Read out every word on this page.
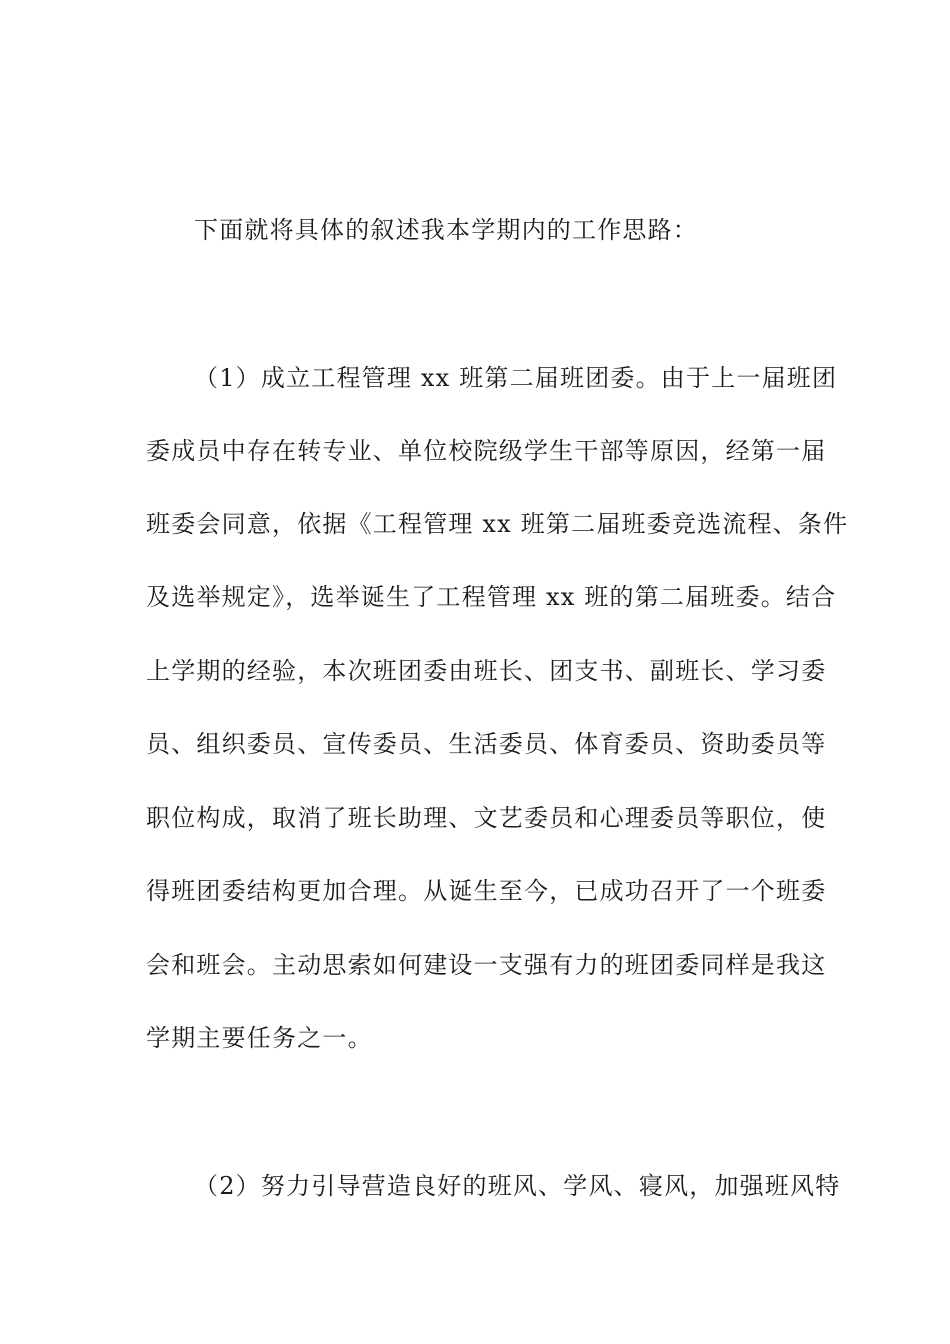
下面就将具体的叙述我本学期内的工作思路：
（1）成立工程管理 xx 班第二届班团委。由于上一届班团
委成员中存在转专业、单位校院级学生干部等原因，经第一届
班委会同意，依据《工程管理 xx 班第二届班委竞选流程、条件
及选举规定》，选举诞生了工程管理 xx 班的第二届班委。结合
上学期的经验，本次班团委由班长、团支书、副班长、学习委
员、组织委员、宣传委员、生活委员、体育委员、资助委员等
职位构成，取消了班长助理、文艺委员和心理委员等职位，使
得班团委结构更加合理。从诞生至今，已成功召开了一个班委
会和班会。主动思索如何建设一支强有力的班团委同样是我这
学期主要任务之一。
（2）努力引导营造良好的班风、学风、寝风，加强班风特
